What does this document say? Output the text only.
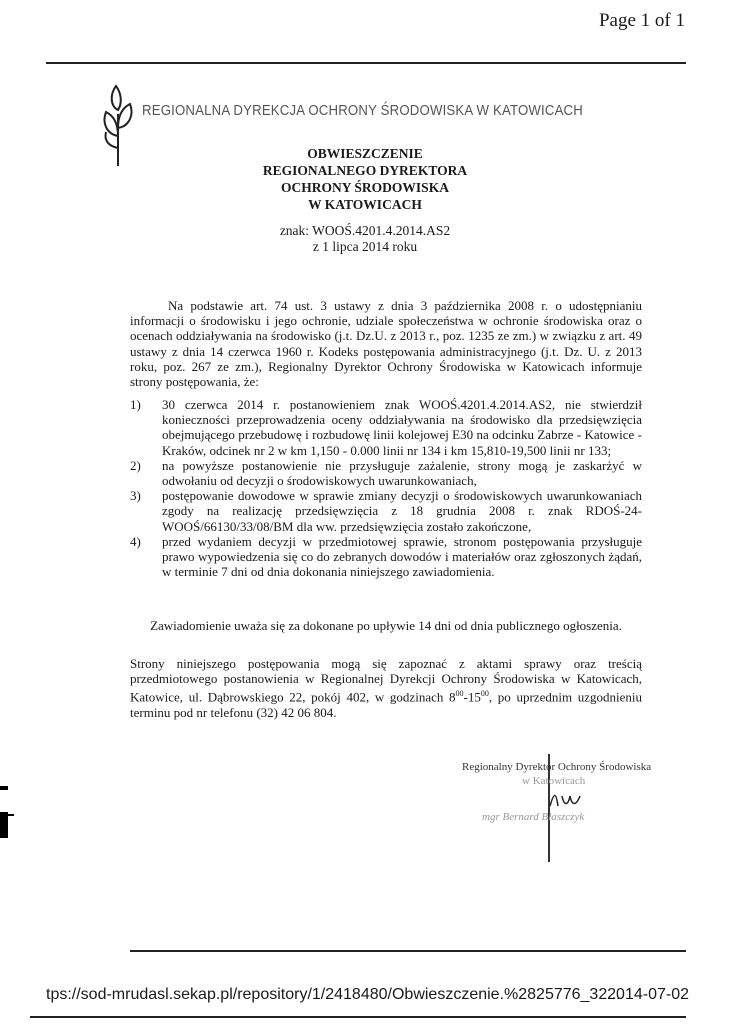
Page 1 of 1
REGIONALNA DYREKCJA OCHRONY ŚRODOWISKA W KATOWICACH
OBWIESZCZENIE
REGIONALNEGO DYREKTORA
OCHRONY ŚRODOWISKA
W KATOWICACH
znak: WOOŚ.4201.4.2014.AS2
z 1 lipca 2014 roku
Na podstawie art. 74 ust. 3 ustawy z dnia 3 października 2008 r. o udostępnianiu informacji o środowisku i jego ochronie, udziale społeczeństwa w ochronie środowiska oraz o ocenach oddziaływania na środowisko (j.t. Dz.U. z 2013 r., poz. 1235 ze zm.) w związku z art. 49 ustawy z dnia 14 czerwca 1960 r. Kodeks postępowania administracyjnego (j.t. Dz. U. z 2013 roku, poz. 267 ze zm.), Regionalny Dyrektor Ochrony Środowiska w Katowicach informuje strony postępowania, że:
1)	30 czerwca 2014 r. postanowieniem znak WOOŚ.4201.4.2014.AS2, nie stwierdził konieczności przeprowadzenia oceny oddziaływania na środowisko dla przedsięwzięcia obejmującego przebudowę i rozbudowę linii kolejowej E30 na odcinku Zabrze - Katowice - Kraków, odcinek nr 2 w km 1,150 - 0.000 linii nr 134 i km 15,810-19,500 linii nr 133;
2)	na powyższe postanowienie nie przysługuje zażalenie, strony mogą je zaskarżyć w odwołaniu od decyzji o środowiskowych uwarunkowaniach,
3)	postępowanie dowodowe w sprawie zmiany decyzji o środowiskowych uwarunkowaniach zgody na realizację przedsięwzięcia z 18 grudnia 2008 r. znak RDOŚ-24-WOOŚ/66130/33/08/BM dla ww. przedsięwzięcia zostało zakończone,
4)	przed wydaniem decyzji w przedmiotowej sprawie, stronom postępowania przysługuje prawo wypowiedzenia się co do zebranych dowodów i materiałów oraz zgłoszonych żądań, w terminie 7 dni od dnia dokonania niniejszego zawiadomienia.
Zawiadomienie uważa się za dokonane po upływie 14 dni od dnia publicznego ogłoszenia.
Strony niniejszego postępowania mogą się zapoznać z aktami sprawy oraz treścią przedmiotowego postanowienia w Regionalnej Dyrekcji Ochrony Środowiska w Katowicach, Katowice, ul. Dąbrowskiego 22, pokój 402, w godzinach $8^{00}-15^{00}$, po uprzednim uzgodnieniu terminu pod nr telefonu (32) 42 06 804.
Regionalny Dyrektor Ochrony Środowiska
w Katowicach
mgr Bernard Błaszczyk
tps://sod-mrudasl.sekap.pl/repository/1/2418480/Obwieszczenie.%2825776_32...
2014-07-02
